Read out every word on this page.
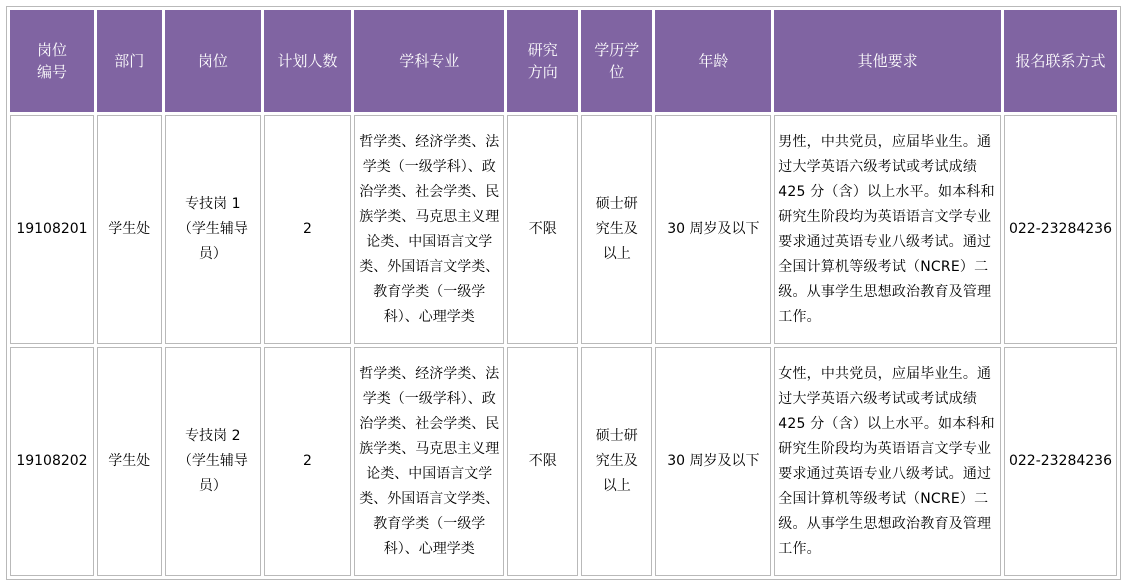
岗位编号	部门	岗位	计划人数	学科专业	研究方向	学历学位	年龄	其他要求	报名联系方式
19108201	学生处	专技岗 1（学生辅导员）	2	哲学类、经济学类、法学类（一级学科）、政治学类、社会学类、民族学类、马克思主义理论类、中国语言文学类、外国语言文学类、教育学类（一级学科）、心理学类	不限	硕士研究生及以上	30 周岁及以下	男性，中共党员，应届毕业生。通过大学英语六级考试或考试成绩 425 分（含）以上水平。如本科和研究生阶段均为英语语言文学专业要求通过英语专业八级考试。通过全国计算机等级考试（NCRE）二级。从事学生思想政治教育及管理工作。	022-23284236
19108202	学生处	专技岗 2（学生辅导员）	2	哲学类、经济学类、法学类（一级学科）、政治学类、社会学类、民族学类、马克思主义理论类、中国语言文学类、外国语言文学类、教育学类（一级学科）、心理学类	不限	硕士研究生及以上	30 周岁及以下	女性，中共党员，应届毕业生。通过大学英语六级考试或考试成绩 425 分（含）以上水平。如本科和研究生阶段均为英语语言文学专业要求通过英语专业八级考试。通过全国计算机等级考试（NCRE）二级。从事学生思想政治教育及管理工作。	022-23284236
